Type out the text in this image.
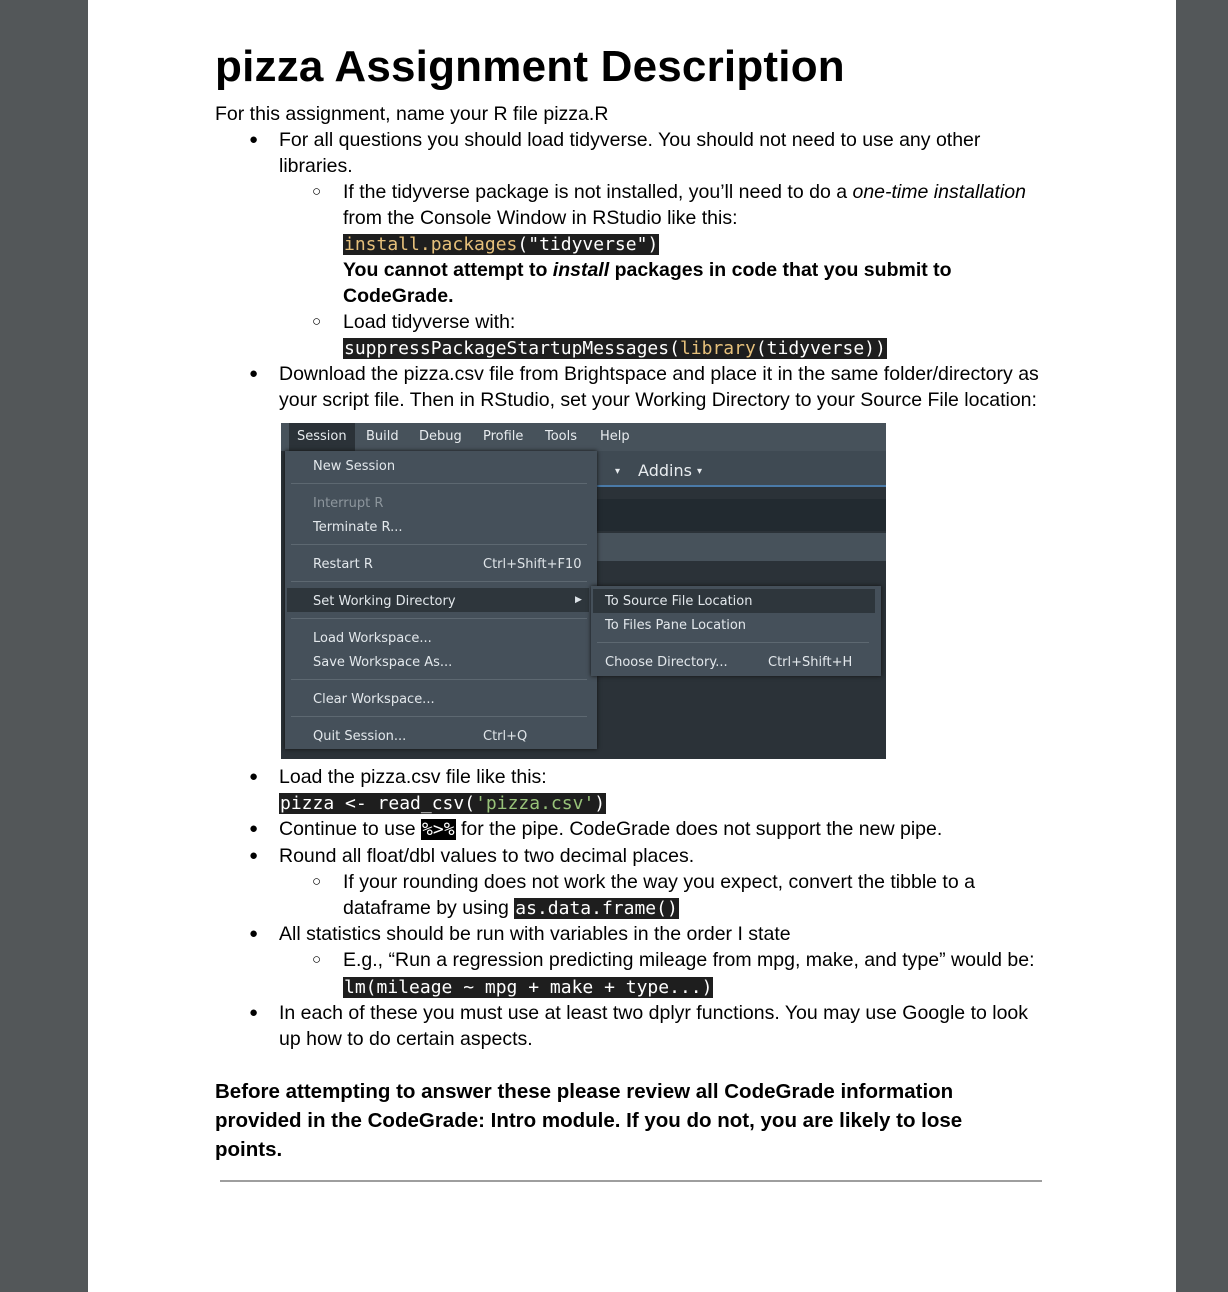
pizza Assignment Description
For this assignment, name your R file pizza.R
● For all questions you should load tidyverse. You should not need to use any other
libraries.
○ If the tidyverse package is not installed, you’ll need to do a one-time installation
from the Console Window in RStudio like this:
install.packages("tidyverse")
You cannot attempt to install packages in code that you submit to
CodeGrade.
○ Load tidyverse with:
suppressPackageStartupMessages(library(tidyverse))
● Download the pizza.csv file from Brightspace and place it in the same folder/directory as
your script file. Then in RStudio, set your Working Directory to your Source File location:
● Load the pizza.csv file like this:
pizza <- read_csv('pizza.csv')
● Continue to use %>% for the pipe. CodeGrade does not support the new pipe.
● Round all float/dbl values to two decimal places.
○ If your rounding does not work the way you expect, convert the tibble to a
dataframe by using as.data.frame()
● All statistics should be run with variables in the order I state
○ E.g., “Run a regression predicting mileage from mpg, make, and type” would be:
lm(mileage ~ mpg + make + type...)
● In each of these you must use at least two dplyr functions. You may use Google to look
up how to do certain aspects.
Before attempting to answer these please review all CodeGrade information provided in the CodeGrade: Intro module. If you do not, you are likely to lose points.
Session	Build Debug Profile Tools Help
▾ Addins ▾
New Session
Interrupt R
Terminate R...
Restart R	Ctrl+Shift+F10
Set Working Directory	▶
Load Workspace...
Save Workspace As...
Clear Workspace...
Quit Session...	Ctrl+Q
To Source File Location
To Files Pane Location
Choose Directory...	Ctrl+Shift+H
